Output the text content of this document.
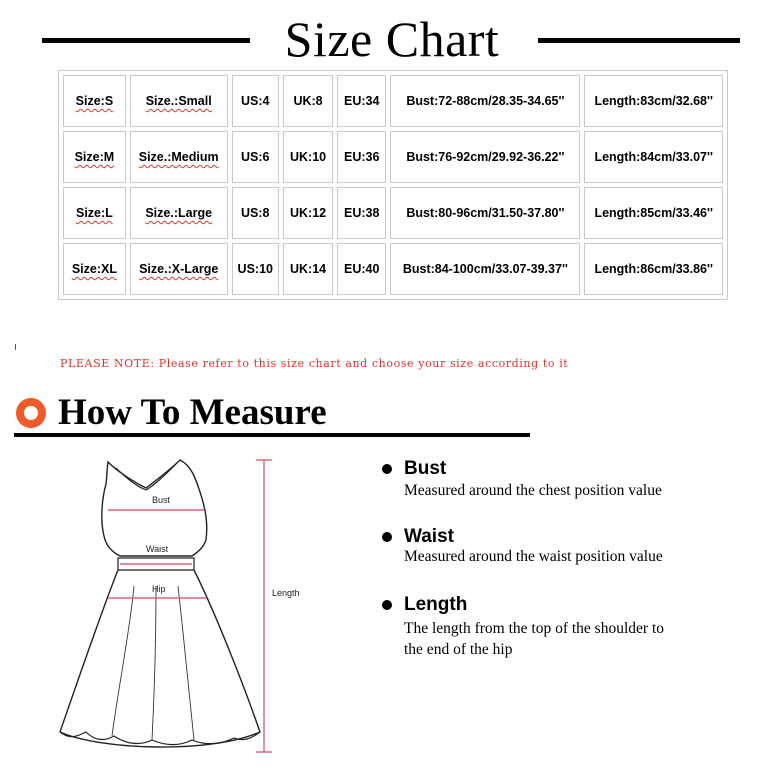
Size Chart
Size:S	Size.:Small	US:4	UK:8	EU:34	Bust:72-88cm/28.35-34.65''	Length:83cm/32.68''
Size:M	Size.:Medium	US:6	UK:10	EU:36	Bust:76-92cm/29.92-36.22''	Length:84cm/33.07''
Size:L	Size.:Large	US:8	UK:12	EU:38	Bust:80-96cm/31.50-37.80''	Length:85cm/33.46''
Size:XL	Size.:X-Large	US:10	UK:14	EU:40	Bust:84-100cm/33.07-39.37''	Length:86cm/33.86''
PLEASE NOTE: Please refer to this size chart and choose your size according to it
How To Measure
Bust
Waist
Hip	Length
Bust
Measured around the chest position value
Waist
Measured around the waist position value
Length
The length from the top of the shoulder to
the end of the hip
